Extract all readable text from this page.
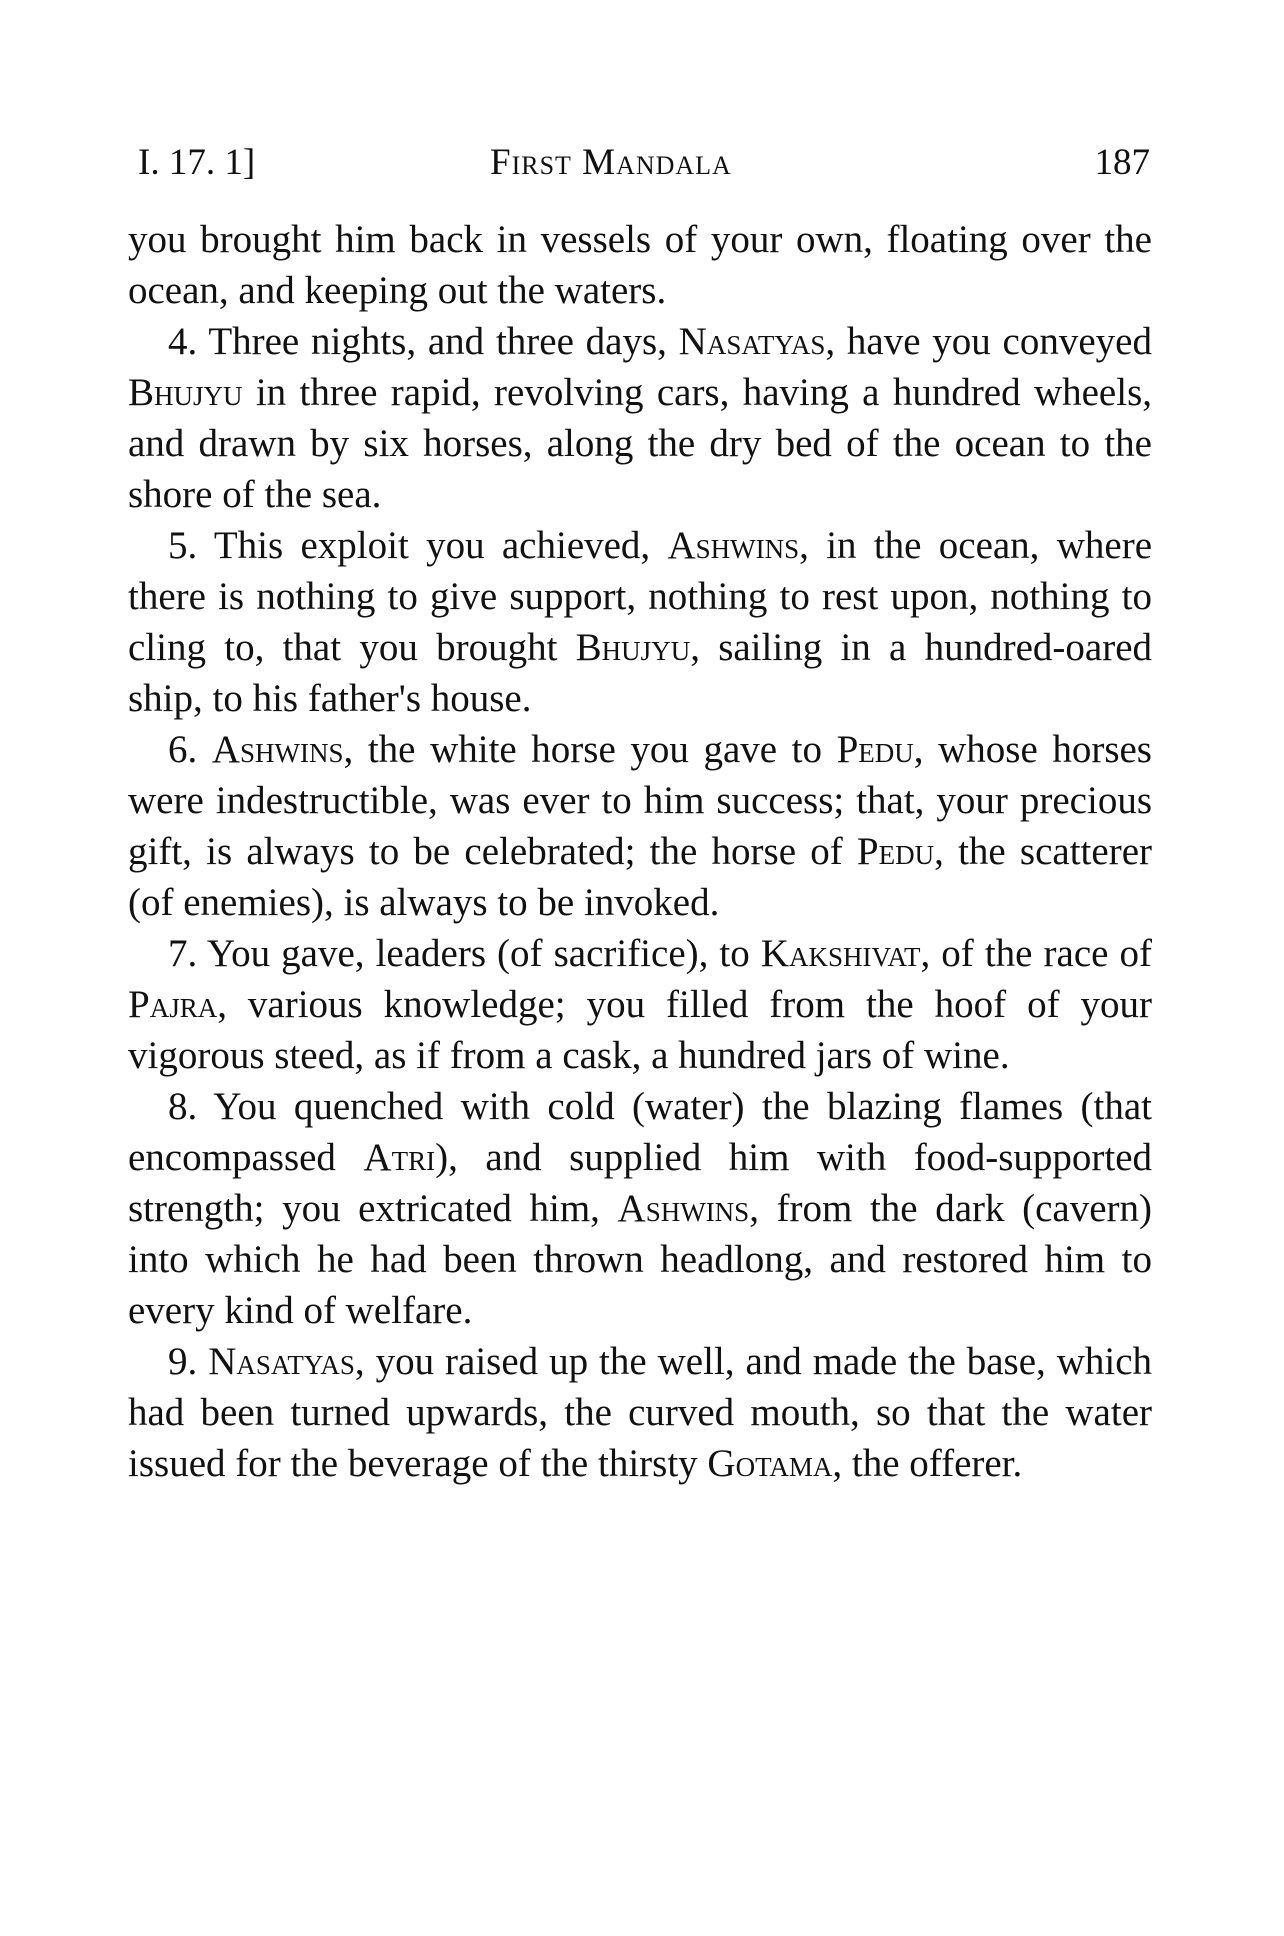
I. 17. 1]	First Mandala	187

you brought him back in vessels of your own, floating over the ocean, and keeping out the waters.

4. Three nights, and three days, Nasatyas, have you conveyed Bhujyu in three rapid, revolving cars, having a hundred wheels, and drawn by six horses, along the dry bed of the ocean to the shore of the sea.

5. This exploit you achieved, Ashwins, in the ocean, where there is nothing to give support, nothing to rest upon, nothing to cling to, that you brought Bhujyu, sailing in a hundred-oared ship, to his father's house.

6. Ashwins, the white horse you gave to Pedu, whose horses were indestructible, was ever to him success; that, your precious gift, is always to be celebrated; the horse of Pedu, the scatterer (of enemies), is always to be invoked.

7. You gave, leaders (of sacrifice), to Kakshivat, of the race of Pajra, various knowledge; you filled from the hoof of your vigorous steed, as if from a cask, a hundred jars of wine.

8. You quenched with cold (water) the blazing flames (that encompassed Atri), and supplied him with food-supported strength; you extricated him, Ashwins, from the dark (cavern) into which he had been thrown headlong, and restored him to every kind of welfare.

9. Nasatyas, you raised up the well, and made the base, which had been turned upwards, the curved mouth, so that the water issued for the beverage of the thirsty Gotama, the offerer.
